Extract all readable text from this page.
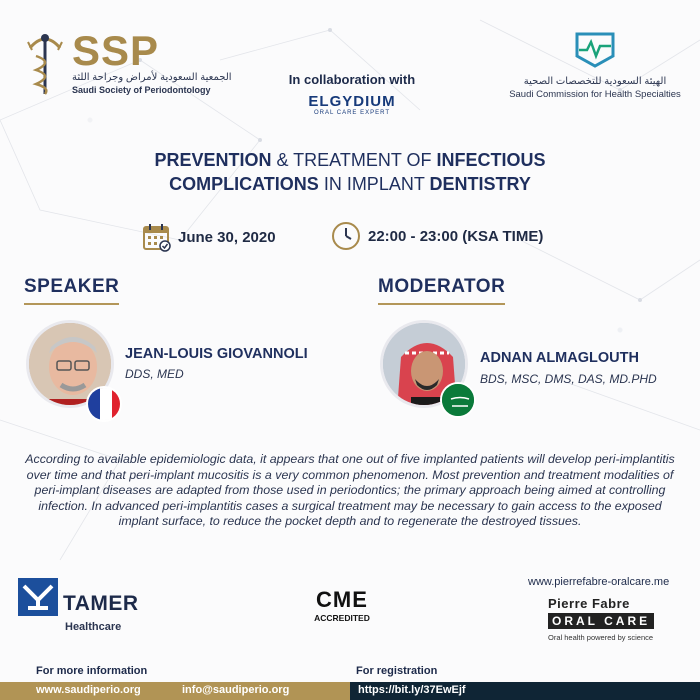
SSP
الجمعية السعودية لأمراض وجراحة اللثة
Saudi Society of Periodontology
In collaboration with
ELGYDIUM
ORAL CARE EXPERT
الهيئة السعودية للتخصصات الصحية
Saudi Commission for Health Specialties
PREVENTION & TREATMENT OF INFECTIOUS
COMPLICATIONS IN IMPLANT DENTISTRY
June 30, 2020	22:00 - 23:00 (KSA TIME)
SPEAKER
JEAN-LOUIS GIOVANNOLI
DDS, MED
MODERATOR
ADNAN ALMAGLOUTH
BDS, MSC, DMS, DAS, MD.PHD
According to available epidemiologic data, it appears that one out of five implanted patients will develop peri-implantitis over time and that peri-implant mucositis is a very common phenomenon. Most prevention and treatment modalities of peri-implant diseases are adapted from those used in periodontics; the primary approach being aimed at controlling infection. In advanced peri-implantitis cases a surgical treatment may be necessary to gain access to the exposed implant surface, to reduce the pocket depth and to regenerate the destroyed tissues.
TAMER
Healthcare
CME
ACCREDITED
www.pierrefabre-oralcare.me
Pierre Fabre
ORAL CARE
Oral health powered by science
For more information	For registration
www.saudiperio.org	info@saudiperio.org	https://bit.ly/37EwEjf
